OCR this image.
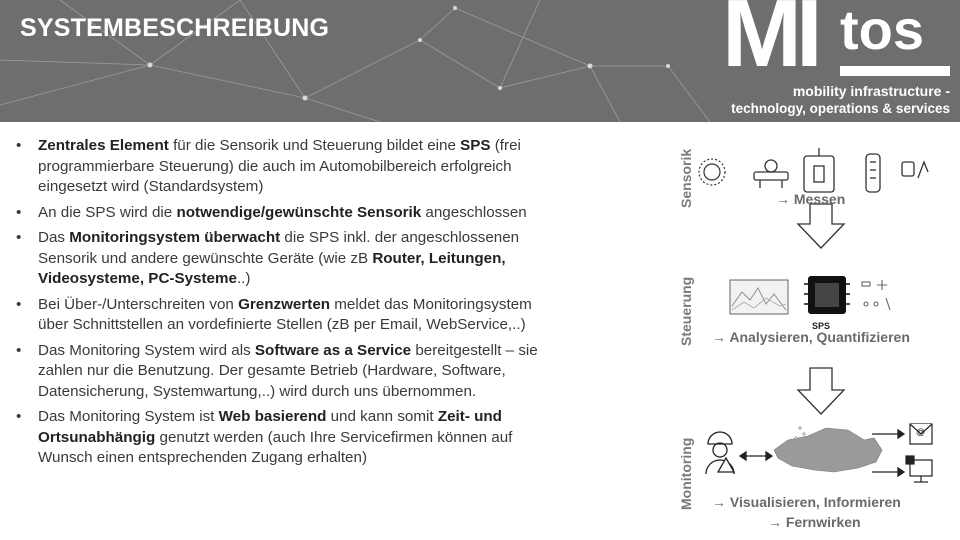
SYSTEMBESCHREIBUNG	MI tos
mobility infrastructure -
technology, operations & services
• Zentrales Element für die Sensorik und Steuerung bildet eine SPS (frei programmierbare Steuerung) die auch im Automobilbereich erfolgreich eingesetzt wird (Standardsystem)
• An die SPS wird die notwendige/gewünschte Sensorik angeschlossen
• Das Monitoringsystem überwacht die SPS inkl. der angeschlossenen Sensorik und andere gewünschte Geräte (wie zB Router, Leitungen, Videosysteme, PC-Systeme..)
• Bei Über-/Unterschreiten von Grenzwerten meldet das Monitoringsystem über Schnittstellen an vordefinierte Stellen (zB per Email, WebService,..)
• Das Monitoring System wird als Software as a Service bereitgestellt – sie zahlen nur die Benutzung. Der gesamte Betrieb (Hardware, Software, Datensicherung, Systemwartung,..) wird durch uns übernommen.
• Das Monitoring System ist Web basierend und kann somit Zeit- und Ortsunabhängig genutzt werden (auch Ihre Servicefirmen können auf Wunsch einen entsprechenden Zugang erhalten)
Sensorik
Steuerung
Monitoring
@
→ Messen
SPS
→ Analysieren, Quantifizieren
→ Visualisieren, Informieren
→ Fernwirken
